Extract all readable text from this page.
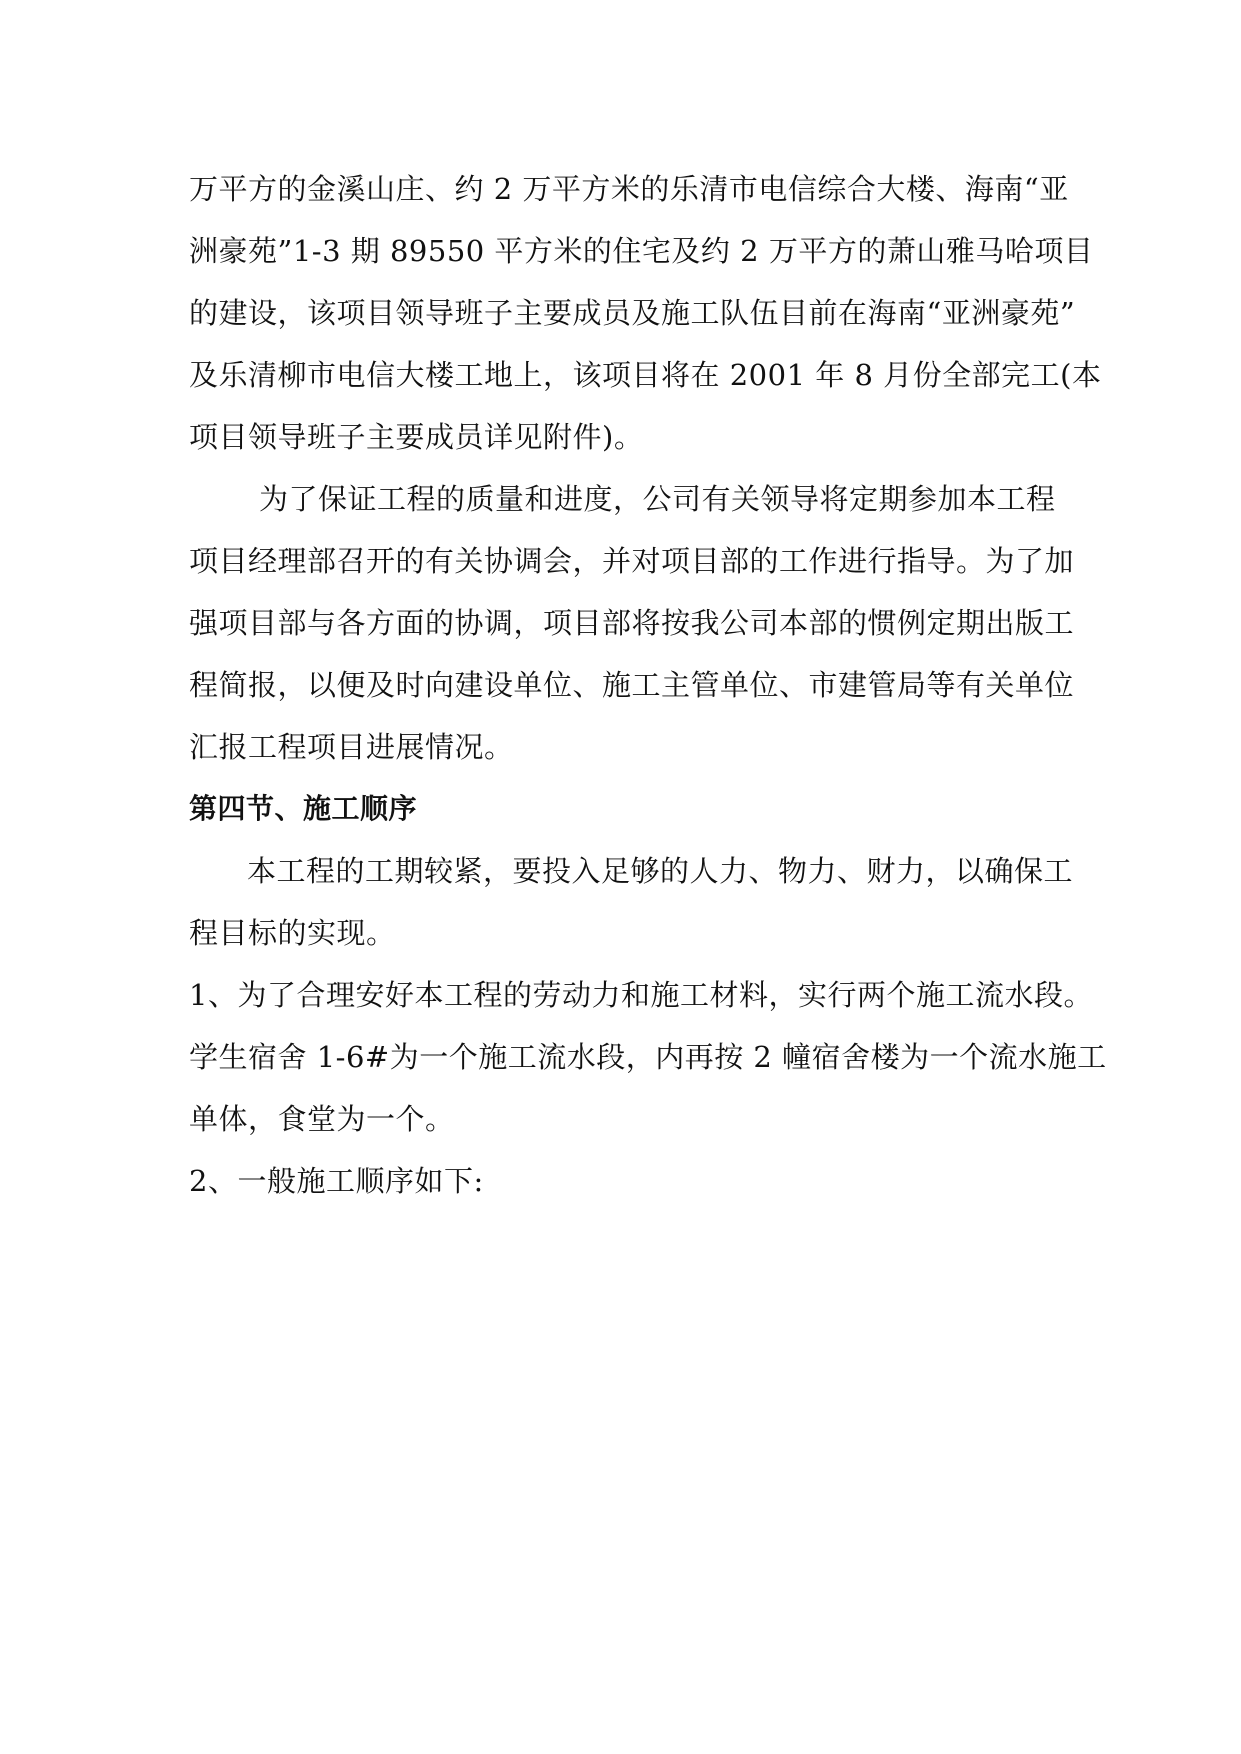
万平方的金溪山庄、约 2 万平方米的乐清市电信综合大楼、海南“亚
洲豪苑”1-3 期 89550 平方米的住宅及约 2 万平方的萧山雅马哈项目
的建设，该项目领导班子主要成员及施工队伍目前在海南“亚洲豪苑”
及乐清柳市电信大楼工地上，该项目将在 2001 年 8 月份全部完工(本
项目领导班子主要成员详见附件)。
为了保证工程的质量和进度，公司有关领导将定期参加本工程
项目经理部召开的有关协调会，并对项目部的工作进行指导。为了加
强项目部与各方面的协调，项目部将按我公司本部的惯例定期出版工
程简报，以便及时向建设单位、施工主管单位、市建管局等有关单位
汇报工程项目进展情况。
第四节、施工顺序
本工程的工期较紧，要投入足够的人力、物力、财力，以确保工
程目标的实现。
1、为了合理安好本工程的劳动力和施工材料，实行两个施工流水段。
学生宿舍 1-6#为一个施工流水段，内再按 2 幢宿舍楼为一个流水施工
单体，食堂为一个。
2、一般施工顺序如下:
